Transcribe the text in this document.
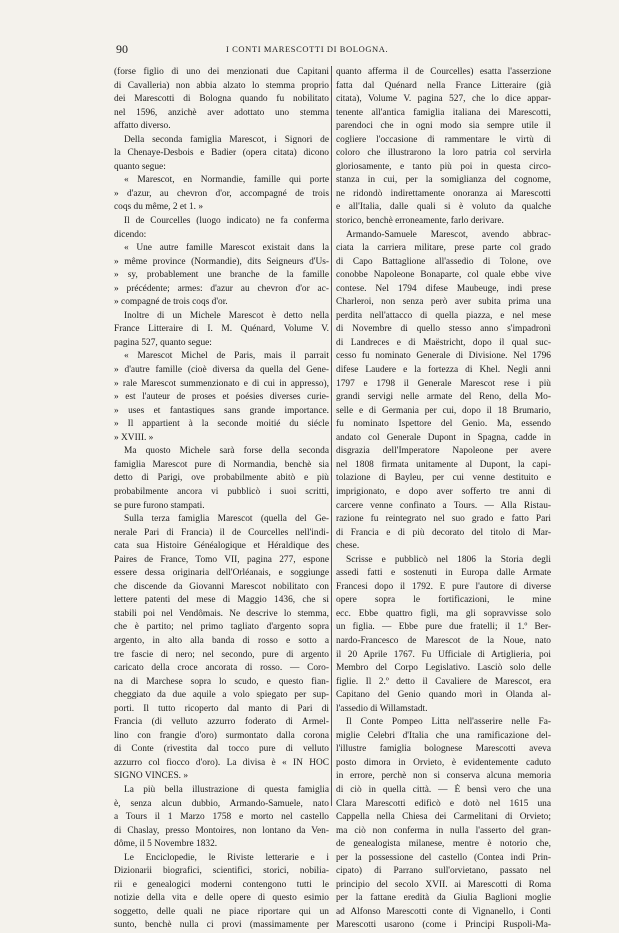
90	I CONTI MARESCOTTI DI BOLOGNA.
(forse figlio di uno dei menzionati due Capitani
di Cavalleria) non abbia alzato lo stemma proprio
dei Marescotti di Bologna quando fu nobilitato
nel 1596, anzichè aver adottato uno stemma
affatto diverso.
Della seconda famiglia Marescot, i Signori de
la Chenaye-Desbois e Badier (opera citata) dicono
quanto segue:
« Marescot, en Normandie, famille qui porte
» d'azur, au chevron d'or, accompagné de trois
coqs du même, 2 et 1. »
Il de Courcelles (luogo indicato) ne fa conferma
dicendo:
« Une autre famille Marescot existait dans la
» même province (Normandie), dits Seigneurs d'Us-
» sy, probablement une branche de la famille
» précédente; armes: d'azur au chevron d'or ac-
» compagné de trois coqs d'or.
Inoltre di un Michele Marescot è detto nella
France Litteraire di I. M. Quénard, Volume V.
pagina 527, quanto segue:
« Marescot Michel de Paris, mais il parrait
» d'autre famille (cioè diversa da quella del Gene-
» rale Marescot summenzionato e di cui in appresso),
» est l'auteur de proses et poésies diverses curie-
» uses et fantastiques sans grande importance.
» Il appartient à la seconde moitié du siécle
» XVIII. »
Ma quosto Michele sarà forse della seconda
famiglia Marescot pure di Normandia, benchè sia
detto di Parigi, ove probabilmente abitò e più
probabilmente ancora vi pubblicò i suoi scritti,
se pure furono stampati.
Sulla terza famiglia Marescot (quella del Ge-
nerale Pari di Francia) il de Courcelles nell'indi-
cata sua Histoire Généalogique et Héraldique des
Paires de France, Tomo VII, pagina 277, espone
essere dessa originaria dell'Orléanais, e soggiunge
che discende da Giovanni Marescot nobilitato con
lettere patenti del mese di Maggio 1436, che si
stabili poi nel Vendômais. Ne descrive lo stemma,
che è partito; nel primo tagliato d'argento sopra
argento, in alto alla banda di rosso e sotto a
tre fascie di nero; nel secondo, pure di argento
caricato della croce ancorata di rosso. — Coro-
na di Marchese sopra lo scudo, e questo fian-
cheggiato da due aquile a volo spiegato per sup-
porti. Il tutto ricoperto dal manto di Pari di
Francia (di velluto azzurro foderato di Armel-
lino con frangie d'oro) surmontato dalla corona
di Conte (rivestita dal tocco pure di velluto
azzurro col fiocco d'oro). La divisa è « IN HOC
SIGNO VINCES. »
La più bella illustrazione di questa famiglia
è, senza alcun dubbio, Armando-Samuele, nato
a Tours il 1 Marzo 1758 e morto nel castello
di Chaslay, presso Montoires, non lontano da Ven-
dôme, il 5 Novembre 1832.
Le Enciclopedie, le Riviste letterarie e i
Dizionarii biografici, scientifici, storici, nobilia-
rii e genealogici moderni contengono tutti le
notizie della vita e delle opere di questo esimio
soggetto, delle quali ne piace riportare qui un
sunto, benchè nulla ci provi (massimamente per
quanto afferma il de Courcelles) esatta l'asserzione
fatta dal Quénard nella France Litteraire (già
citata), Volume V. pagina 527, che lo dice appar-
tenente all'antica famiglia italiana dei Marescotti,
parendoci che in ogni modo sia sempre utile il
cogliere l'occasione di rammentare le virtù di
coloro che illustrarono la loro patria col servirla
gloriosamente, e tanto più poi in questa circo-
stanza in cui, per la somiglianza del cognome,
ne ridondò indirettamente onoranza ai Marescotti
e all'Italia, dalle quali si è voluto da qualche
storico, benchè erroneamente, farlo derivare.
Armando-Samuele Marescot, avendo abbrac-
ciata la carriera militare, prese parte col grado
di Capo Battaglione all'assedio di Tolone, ove
conobbe Napoleone Bonaparte, col quale ebbe vive
contese. Nel 1794 difese Maubeuge, indi prese
Charleroi, non senza però aver subita prima una
perdita nell'attacco di quella piazza, e nel mese
di Novembre di quello stesso anno s'impadronì
di Landreces e di Maëstricht, dopo il qual suc-
cesso fu nominato Generale di Divisione. Nel 1796
difese Laudere e la fortezza di Khel. Negli anni
1797 e 1798 il Generale Marescot rese i più
grandi servigi nelle armate del Reno, della Mo-
selle e di Germania per cui, dopo il 18 Brumario,
fu nominato Ispettore del Genio. Ma, essendo
andato col Generale Dupont in Spagna, cadde in
disgrazia dell'Imperatore Napoleone per avere
nel 1808 firmata unitamente al Dupont, la capi-
tolazione di Bayleu, per cui venne destituito e
imprigionato, e dopo aver sofferto tre anni di
carcere venne confinato a Tours. — Alla Ristau-
razione fu reintegrato nel suo grado e fatto Pari
di Francia e di più decorato del titolo di Mar-
chese.
Scrisse e pubblicò nel 1806 la Storia degli
assedi fatti e sostenuti in Europa dalle Armate
Francesi dopo il 1792. E pure l'autore di diverse
opere sopra le fortificazioni, le mine
ecc. Ebbe quattro figli, ma gli sopravvisse solo
un figlia. — Ebbe pure due fratelli; il 1.º Ber-
nardo-Francesco de Marescot de la Noue, nato
il 20 Aprile 1767. Fu Ufficiale di Artiglieria, poi
Membro del Corpo Legislativo. Lasciò solo delle
figlie. Il 2.º detto il Cavaliere de Marescot, era
Capitano del Genio quando morì in Olanda al-
l'assedio di Willamstadt.
Il Conte Pompeo Litta nell'asserire nelle Fa-
miglie Celebri d'Italia che una ramificazione del-
l'illustre famiglia bolognese Marescotti aveva
posto dimora in Orvieto, è evidentemente caduto
in errore, perchè non si conserva alcuna memoria
di ciò in quella città. — È bensì vero che una
Clara Marescotti edificò e dotò nel 1615 una
Cappella nella Chiesa dei Carmelitani di Orvieto;
ma ciò non conferma in nulla l'asserto del gran-
de genealogista milanese, mentre è notorio che,
per la possessione del castello (Contea indi Prin-
cipato) di Parrano sull'orvietano, passato nel
principio del secolo XVII. ai Marescotti di Roma
per la fattane eredità da Giulia Baglioni moglie
ad Alfonso Marescotti conte di Vignanello, i Conti
Marescotti usarono (come i Principi Ruspoli-Ma-
